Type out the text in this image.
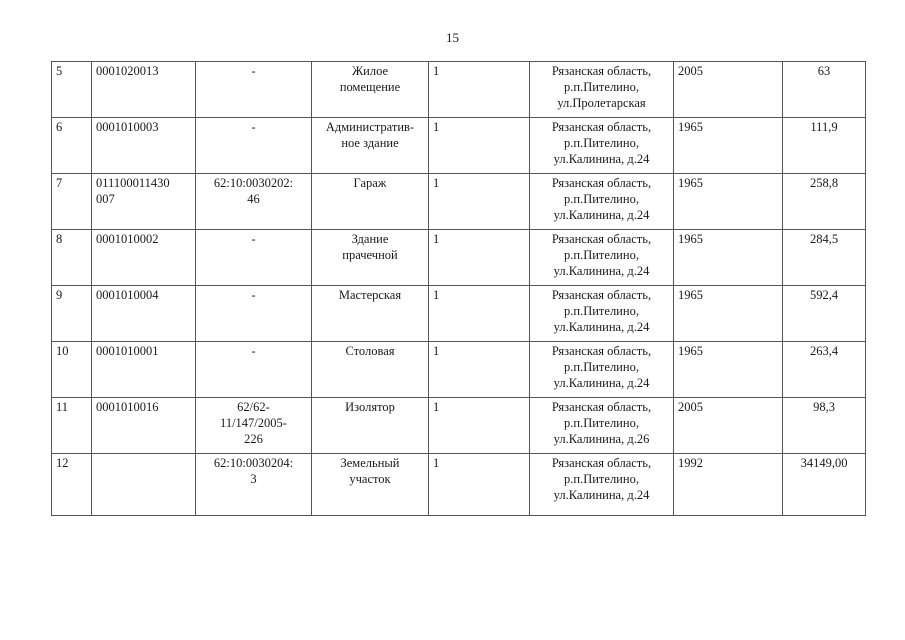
15
5	0001020013	-	Жилое
помещение	1	Рязанская область,
р.п.Пителино,
ул.Пролетарская	2005	63

6	0001010003	-	Административ-
ное здание	1	Рязанская область,
р.п.Пителино,
ул.Калинина, д.24	1965	111,9

7	011100011430
007	62:10:0030202:
46	Гараж	1	Рязанская область,
р.п.Пителино,
ул.Калинина, д.24	1965	258,8

8	0001010002	-	Здание
прачечной	1	Рязанская область,
р.п.Пителино,
ул.Калинина, д.24	1965	284,5

9	0001010004	-	Мастерская	1	Рязанская область,
р.п.Пителино,
ул.Калинина, д.24	1965	592,4

10	0001010001	-	Столовая	1	Рязанская область,
р.п.Пителино,
ул.Калинина, д.24	1965	263,4

11	0001010016	62/62-
11/147/2005-
226	Изолятор	1	Рязанская область,
р.п.Пителино,
ул.Калинина, д.26	2005	98,3

12		62:10:0030204:
3	Земельный
участок	1	Рязанская область,
р.п.Пителино,
ул.Калинина, д.24	1992	34149,00
